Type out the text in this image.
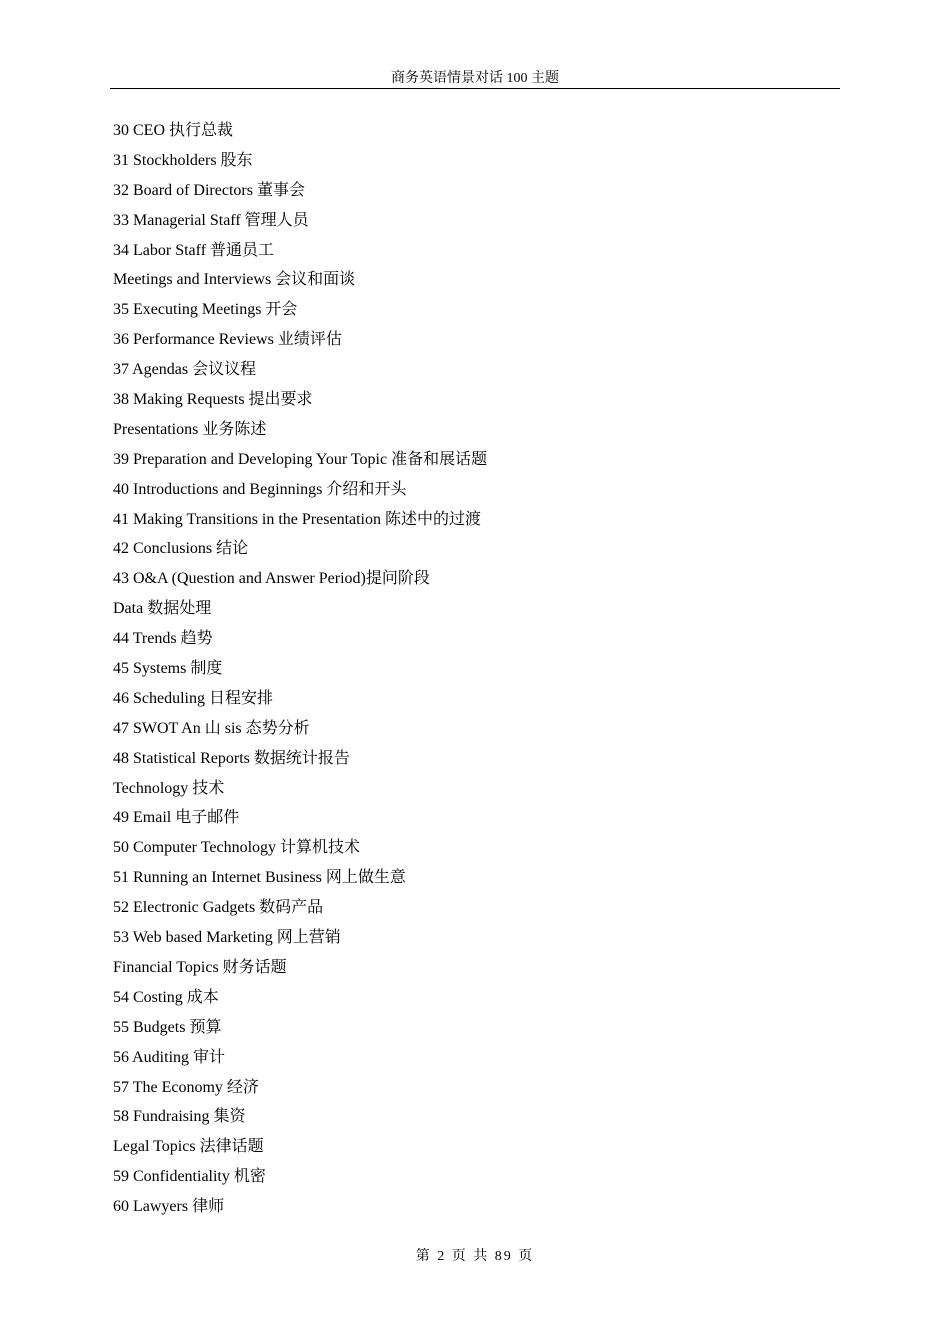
商务英语情景对话 100 主题
30 CEO 执行总裁
31 Stockholders 股东
32 Board of Directors 董事会
33 Managerial Staff 管理人员
34 Labor Staff 普通员工
Meetings and Interviews 会议和面谈
35 Executing Meetings 开会
36 Performance Reviews 业绩评估
37 Agendas 会议议程
38 Making Requests 提出要求
Presentations 业务陈述
39 Preparation and Developing Your Topic 准备和展话题
40 Introductions and Beginnings 介绍和开头
41 Making Transitions in the Presentation 陈述中的过渡
42 Conclusions 结论
43 O&A (Question and Answer Period)提问阶段
Data 数据处理
44 Trends 趋势
45 Systems 制度
46 Scheduling 日程安排
47 SWOT An 山 sis 态势分析
48 Statistical Reports 数据统计报告
Technology 技术
49 Email 电子邮件
50 Computer Technology 计算机技术
51 Running an Internet Business 网上做生意
52 Electronic Gadgets 数码产品
53 Web based Marketing 网上营销
Financial Topics 财务话题
54 Costing 成本
55 Budgets 预算
56 Auditing 审计
57 The Economy 经济
58 Fundraising 集资
Legal Topics 法律话题
59 Confidentiality 机密
60 Lawyers 律师
第 2 页 共 89 页
